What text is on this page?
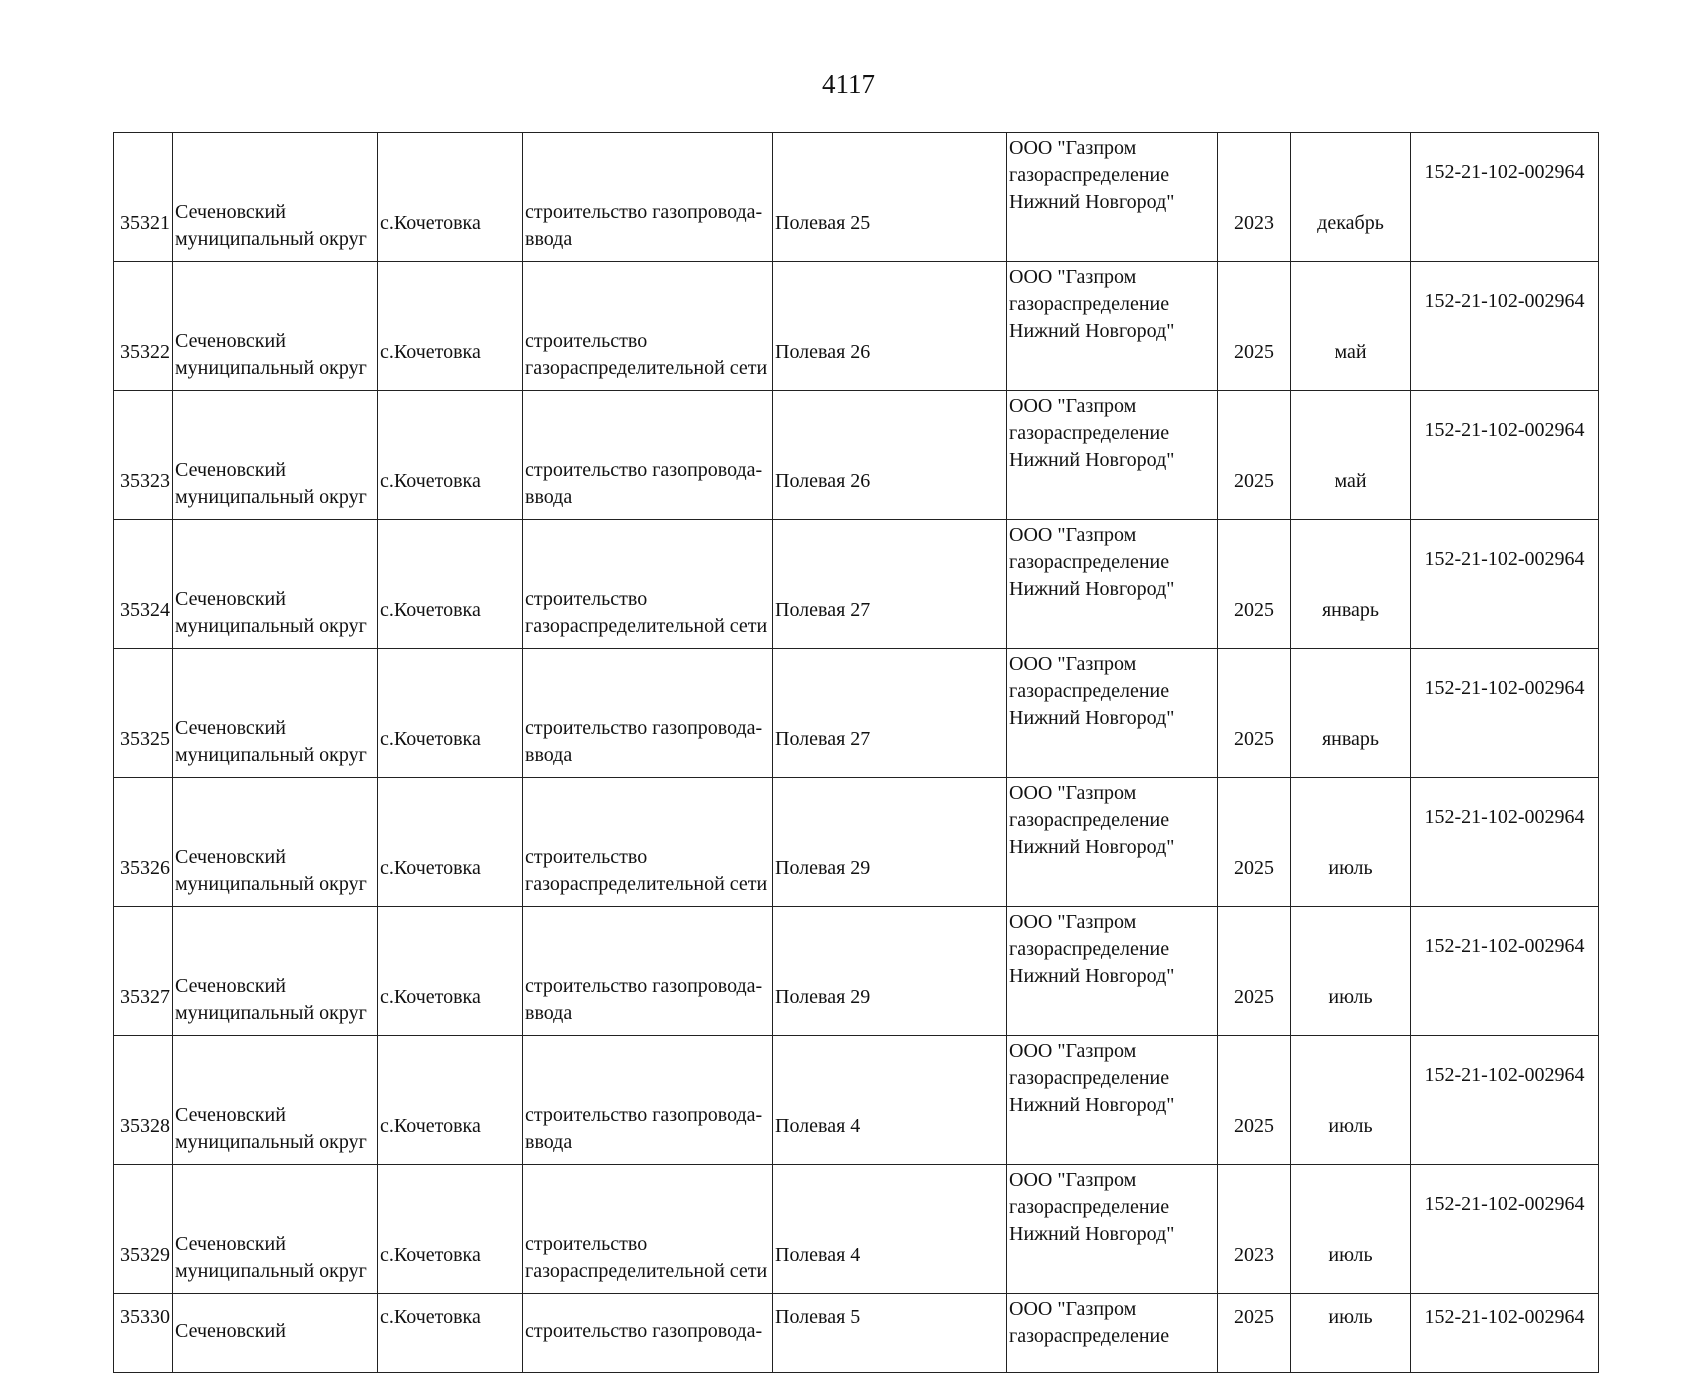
4117
35321	Сеченовский
муниципальный округ	с.Кочетовка	строительство газопровода-
ввода	Полевая 25	ООО "Газпром
газораспределение
Нижний Новгород"	2023	декабрь	152-21-102-002964
35322	Сеченовский
муниципальный округ	с.Кочетовка	строительство
газораспределительной сети	Полевая 26	ООО "Газпром
газораспределение
Нижний Новгород"	2025	май	152-21-102-002964
35323	Сеченовский
муниципальный округ	с.Кочетовка	строительство газопровода-
ввода	Полевая 26	ООО "Газпром
газораспределение
Нижний Новгород"	2025	май	152-21-102-002964
35324	Сеченовский
муниципальный округ	с.Кочетовка	строительство
газораспределительной сети	Полевая 27	ООО "Газпром
газораспределение
Нижний Новгород"	2025	январь	152-21-102-002964
35325	Сеченовский
муниципальный округ	с.Кочетовка	строительство газопровода-
ввода	Полевая 27	ООО "Газпром
газораспределение
Нижний Новгород"	2025	январь	152-21-102-002964
35326	Сеченовский
муниципальный округ	с.Кочетовка	строительство
газораспределительной сети	Полевая 29	ООО "Газпром
газораспределение
Нижний Новгород"	2025	июль	152-21-102-002964
35327	Сеченовский
муниципальный округ	с.Кочетовка	строительство газопровода-
ввода	Полевая 29	ООО "Газпром
газораспределение
Нижний Новгород"	2025	июль	152-21-102-002964
35328	Сеченовский
муниципальный округ	с.Кочетовка	строительство газопровода-
ввода	Полевая 4	ООО "Газпром
газораспределение
Нижний Новгород"	2025	июль	152-21-102-002964
35329	Сеченовский
муниципальный округ	с.Кочетовка	строительство
газораспределительной сети	Полевая 4	ООО "Газпром
газораспределение
Нижний Новгород"	2023	июль	152-21-102-002964
35330	Сеченовский	с.Кочетовка	строительство газопровода-	Полевая 5	ООО "Газпром
газораспределение	2025	июль	152-21-102-002964
